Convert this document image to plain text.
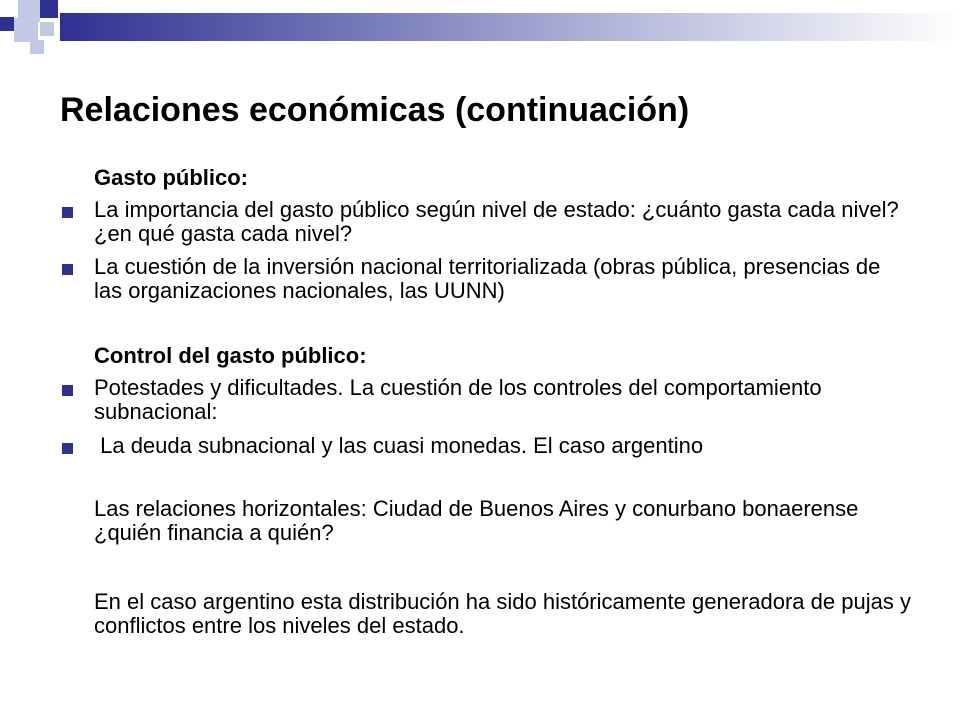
Relaciones económicas (continuación)
Gasto público:
La importancia del gasto público según nivel de estado: ¿cuánto gasta cada nivel? ¿en qué gasta cada nivel?
La cuestión de la inversión nacional territorializada (obras pública, presencias de las organizaciones nacionales, las UUNN)
Control del gasto público:
Potestades y dificultades. La cuestión de los controles del comportamiento subnacional:
La deuda subnacional y las cuasi monedas. El caso argentino
Las relaciones horizontales: Ciudad de Buenos Aires y conurbano bonaerense ¿quién financia a quién?
En el caso argentino esta distribución ha sido históricamente generadora de pujas y conflictos entre los niveles del estado.
